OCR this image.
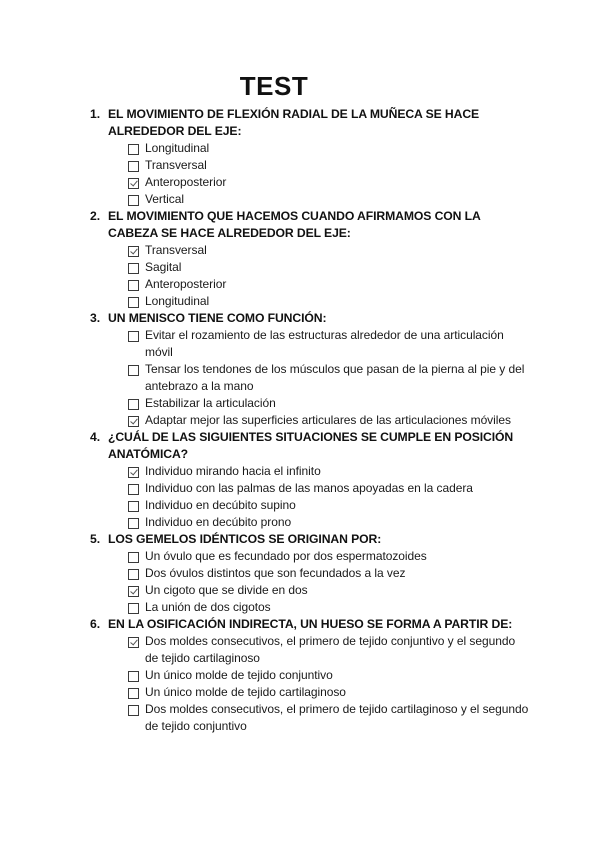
TEST
1. EL MOVIMIENTO DE FLEXIÓN RADIAL DE LA MUÑECA SE HACE ALREDEDOR DEL EJE:
Longitudinal
Transversal
Anteroposterior
Vertical
2. EL MOVIMIENTO QUE HACEMOS CUANDO AFIRMAMOS CON LA CABEZA SE HACE ALREDEDOR DEL EJE:
Transversal
Sagital
Anteroposterior
Longitudinal
3. UN MENISCO TIENE COMO FUNCIÓN:
Evitar el rozamiento de las estructuras alrededor de una articulación móvil
Tensar los tendones de los músculos que pasan de la pierna al pie y del antebrazo a la mano
Estabilizar la articulación
Adaptar mejor las superficies articulares de las articulaciones móviles
4. ¿CUÁL DE LAS SIGUIENTES SITUACIONES SE CUMPLE EN POSICIÓN ANATÓMICA?
Individuo mirando hacia el infinito
Individuo con las palmas de las manos apoyadas en la cadera
Individuo en decúbito supino
Individuo en decúbito prono
5. LOS GEMELOS IDÉNTICOS SE ORIGINAN POR:
Un óvulo que es fecundado por dos espermatozoides
Dos óvulos distintos que son fecundados a la vez
Un cigoto que se divide en dos
La unión de dos cigotos
6. EN LA OSIFICACIÓN INDIRECTA, UN HUESO SE FORMA A PARTIR DE:
Dos moldes consecutivos, el primero de tejido conjuntivo y el segundo de tejido cartilaginoso
Un único molde de tejido conjuntivo
Un único molde de tejido cartilaginoso
Dos moldes consecutivos, el primero de tejido cartilaginoso y el segundo de tejido conjuntivo
